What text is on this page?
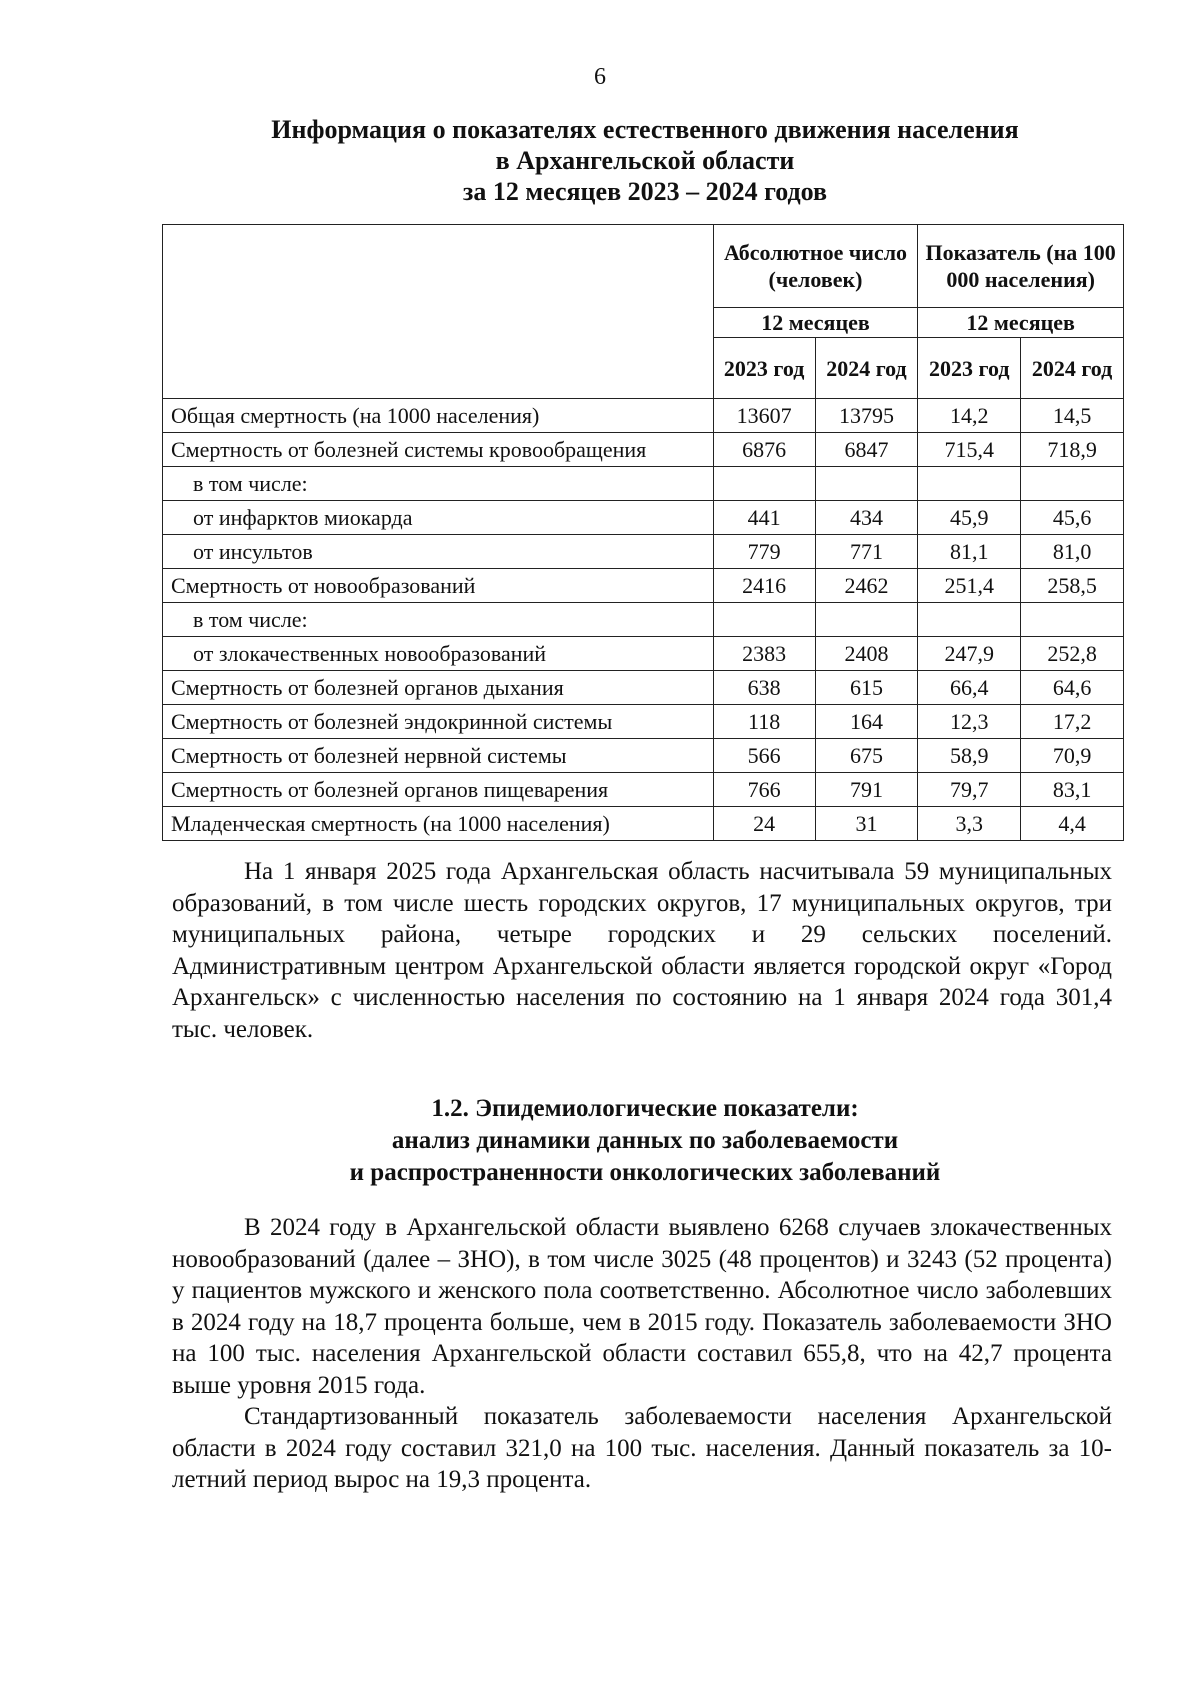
6
Информация о показателях естественного движения населения
в Архангельской области
за 12 месяцев 2023 – 2024 годов
	Абсолютное число (человек)		Показатель (на 100 000 населения)	
	12 месяцев		12 месяцев	
	2023 год	2024 год	2023 год	2024 год
Общая смертность (на 1000 населения)	13607	13795	14,2	14,5
Смертность от болезней системы кровообращения	6876	6847	715,4	718,9
в том числе:				
от инфарктов миокарда	441	434	45,9	45,6
от инсультов	779	771	81,1	81,0
Смертность от новообразований	2416	2462	251,4	258,5
в том числе:				
от злокачественных новообразований	2383	2408	247,9	252,8
Смертность от болезней органов дыхания	638	615	66,4	64,6
Смертность от болезней эндокринной системы	118	164	12,3	17,2
Смертность от болезней нервной системы	566	675	58,9	70,9
Смертность от болезней органов пищеварения	766	791	79,7	83,1
Младенческая смертность (на 1000 населения)	24	31	3,3	4,4

На 1 января 2025 года Архангельская область насчитывала 59 муниципальных образований, в том числе шесть городских округов, 17 муниципальных округов, три муниципальных района, четыре городских и 29 сельских поселений. Административным центром Архангельской области является городской округ «Город Архангельск» с численностью населения по состоянию на 1 января 2024 года 301,4 тыс. человек.

1.2. Эпидемиологические показатели:
анализ динамики данных по заболеваемости
и распространенности онкологических заболеваний

В 2024 году в Архангельской области выявлено 6268 случаев злокачественных новообразований (далее – ЗНО), в том числе 3025 (48 процентов) и 3243 (52 процента) у пациентов мужского и женского пола соответственно. Абсолютное число заболевших в 2024 году на 18,7 процента больше, чем в 2015 году. Показатель заболеваемости ЗНО на 100 тыс. населения Архангельской области составил 655,8, что на 42,7 процента выше уровня 2015 года.

Стандартизованный показатель заболеваемости населения Архангельской области в 2024 году составил 321,0 на 100 тыс. населения. Данный показатель за 10-летний период вырос на 19,3 процента.
